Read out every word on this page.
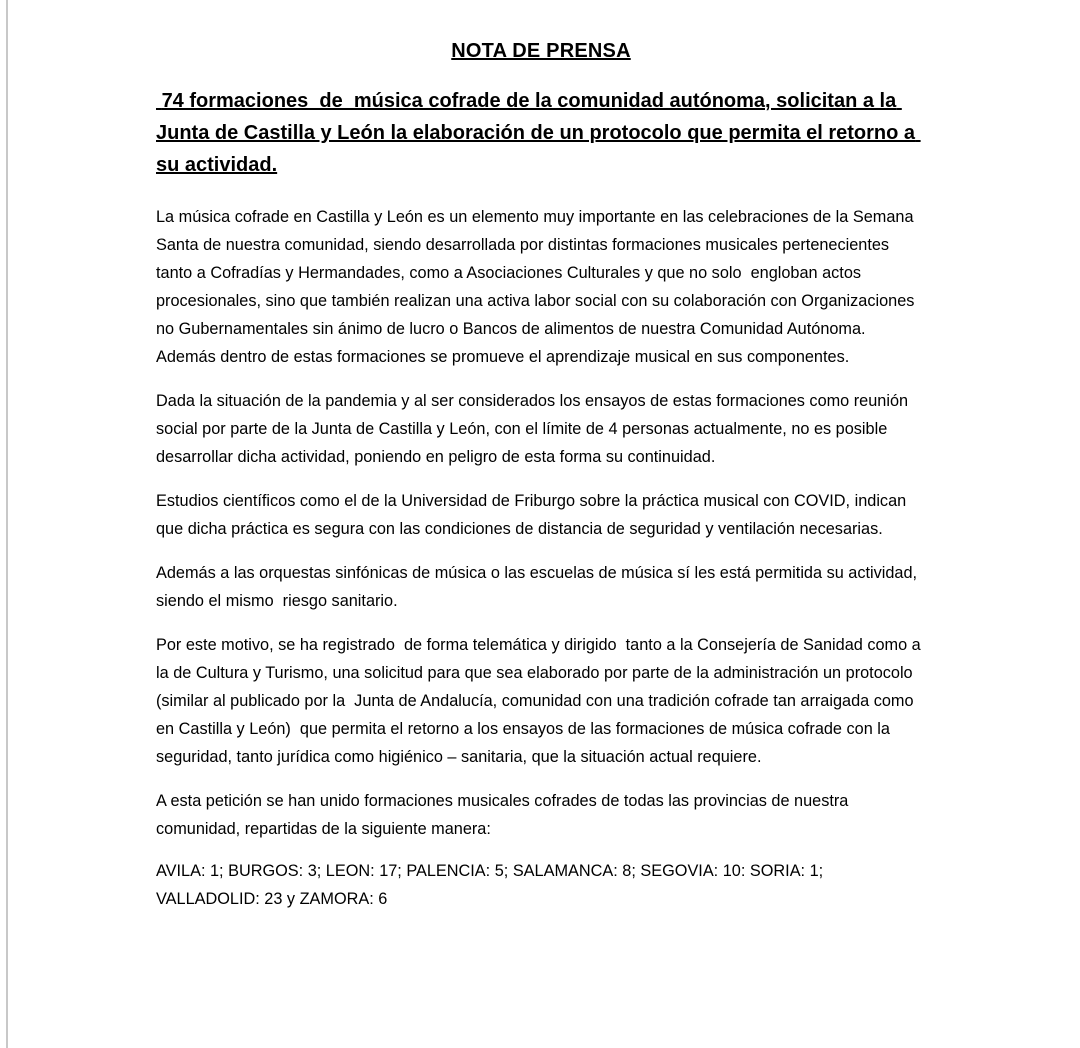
NOTA DE PRENSA
74 formaciones  de  música cofrade de la comunidad autónoma, solicitan a la Junta de Castilla y León la elaboración de un protocolo que permita el retorno a su actividad.

La música cofrade en Castilla y León es un elemento muy importante en las celebraciones de la Semana Santa de nuestra comunidad, siendo desarrollada por distintas formaciones musicales pertenecientes tanto a Cofradías y Hermandades, como a Asociaciones Culturales y que no solo  engloban actos procesionales, sino que también realizan una activa labor social con su colaboración con Organizaciones no Gubernamentales sin ánimo de lucro o Bancos de alimentos de nuestra Comunidad Autónoma. Además dentro de estas formaciones se promueve el aprendizaje musical en sus componentes.

Dada la situación de la pandemia y al ser considerados los ensayos de estas formaciones como reunión social por parte de la Junta de Castilla y León, con el límite de 4 personas actualmente, no es posible desarrollar dicha actividad, poniendo en peligro de esta forma su continuidad.

Estudios científicos como el de la Universidad de Friburgo sobre la práctica musical con COVID, indican que dicha práctica es segura con las condiciones de distancia de seguridad y ventilación necesarias.

Además a las orquestas sinfónicas de música o las escuelas de música sí les está permitida su actividad, siendo el mismo  riesgo sanitario.

Por este motivo, se ha registrado  de forma telemática y dirigido  tanto a la Consejería de Sanidad como a la de Cultura y Turismo, una solicitud para que sea elaborado por parte de la administración un protocolo (similar al publicado por la  Junta de Andalucía, comunidad con una tradición cofrade tan arraigada como en Castilla y León)  que permita el retorno a los ensayos de las formaciones de música cofrade con la seguridad, tanto jurídica como higiénico – sanitaria, que la situación actual requiere.

A esta petición se han unido formaciones musicales cofrades de todas las provincias de nuestra comunidad, repartidas de la siguiente manera:

AVILA: 1; BURGOS: 3; LEON: 17; PALENCIA: 5; SALAMANCA: 8; SEGOVIA: 10: SORIA: 1; VALLADOLID: 23 y ZAMORA: 6
